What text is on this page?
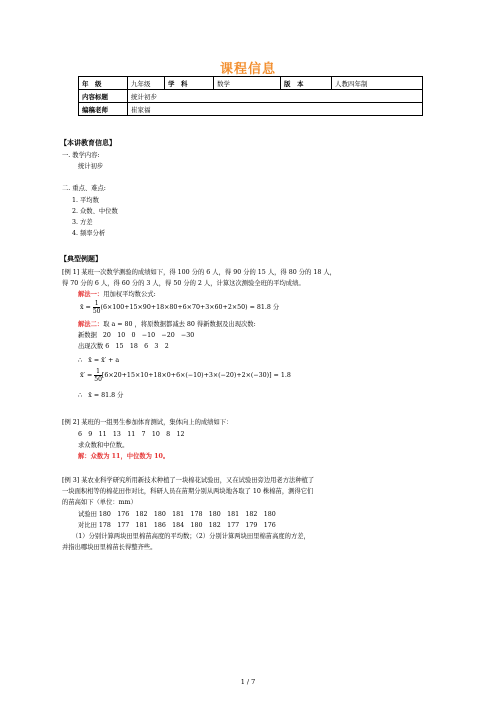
课程信息
年　级	九年级	学　科	数学	版　本	人教四年制
内容标题	统计初步				
编稿老师	崔家福				
【本讲教育信息】
一. 教学内容:
统计初步
二. 重点、难点:
1. 平均数
2. 众数、中位数
3. 方差
4. 频率分析
【典型例题】
[例 1] 某班一次数学测验的成绩如下，得 100 分的 6 人，得 90 分的 15 人，得 80 分的 18 人，
得 70 分的 6 人，得 60 分的 3 人，得 50 分的 2 人，计算这次测验全班的平均成绩。
解法一：用加权平均数公式:
x̄ = $\frac{1}{50} (6\times 100+15\times 90+18\times 80+6\times 70+3\times 60+2\times 50) = 81.8$ 分
解法二：取 a = 80 ，将原数据都减去 80 得新数据及出现次数:
新数据 20　10　0　−10　−20　−30
出现次数 6　15　18　6　3　2
∴　x̄ = x̄′ + a
x̄′ = $\frac{1}{50} [6\times 20+15\times 10+18\times 0+6\times(-10)+3\times(-20)+2\times(-30)] = 1.8$
∴　x̄ = 81.8 分
[例 2] 某班的一组男生参加体育测试，集体向上的成绩如下：
6　9　11　13　11　7　10　8　12
求众数和中位数。
解：众数为 11，中位数为 10。
[例 3] 某农业科学研究所用新技术种植了一块棉花试验田，又在试验田旁边用老方法种植了
一块面积相等的棉花田作对比，科研人员在苗期分别从两块地各取了 10 株棉苗，测得它们
的苗高如下（单位：mm）
试验田 180　176　182　180　181　178　180　181　182　180
对比田 178　177　181　186　184　180　182　177　179　176
（1）分别计算两块田里棉苗高度的平均数；（2）分别计算两块田里棉苗高度的方差，
并指出哪块田里棉苗长得整齐些。
1 / 7
